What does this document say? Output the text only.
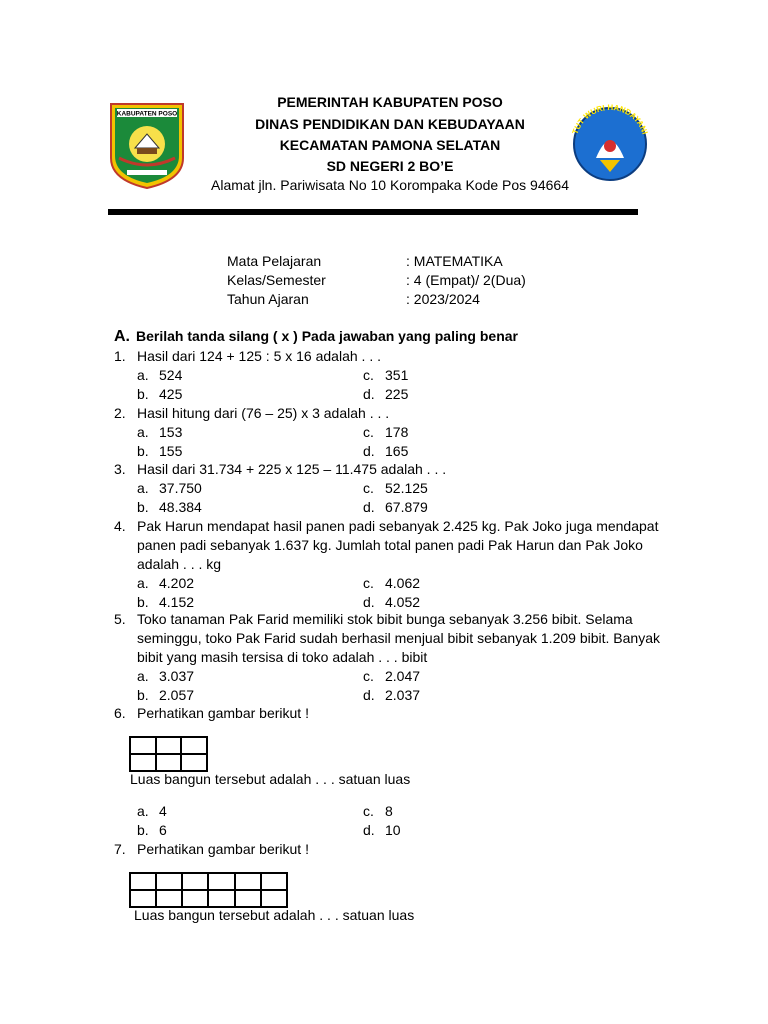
KABUPATEN POSO
PEMERINTAH KABUPATEN POSO
DINAS PENDIDIKAN DAN KEBUDAYAAN
KECAMATAN PAMONA SELATAN
SD NEGERI 2 BO’E
Alamat jln. Pariwisata No 10 Korompaka Kode Pos 94664
TUT WURI HANDAYANI
Mata Pelajaran	: MATEMATIKA
Kelas/Semester	: 4 (Empat)/ 2(Dua)
Tahun Ajaran	: 2023/2024
A. Berilah tanda silang ( x ) Pada jawaban yang paling benar
1. Hasil dari 124 + 125 : 5 x 16 adalah . . .
a. 524	c. 351
b. 425	d. 225
2. Hasil hitung dari (76 – 25) x 3 adalah . . .
a. 153	c. 178
b. 155	d. 165
3. Hasil dari 31.734 + 225 x 125 – 11.475 adalah . . .
a. 37.750	c. 52.125
b. 48.384	d. 67.879
4. Pak Harun mendapat hasil panen padi sebanyak 2.425 kg. Pak Joko juga mendapat panen padi sebanyak 1.637 kg. Jumlah total panen padi Pak Harun dan Pak Joko adalah . . . kg
a. 4.202	c. 4.062
b. 4.152	d. 4.052
5. Toko tanaman Pak Farid memiliki stok bibit bunga sebanyak 3.256 bibit. Selama seminggu, toko Pak Farid sudah berhasil menjual bibit sebanyak 1.209 bibit. Banyak bibit yang masih tersisa di toko adalah . . . bibit
a. 3.037	c. 2.047
b. 2.057	d. 2.037
6. Perhatikan gambar berikut !
Luas bangun tersebut adalah . . . satuan luas
a. 4	c. 8
b. 6	d. 10
7. Perhatikan gambar berikut !
Luas bangun tersebut adalah . . . satuan luas
